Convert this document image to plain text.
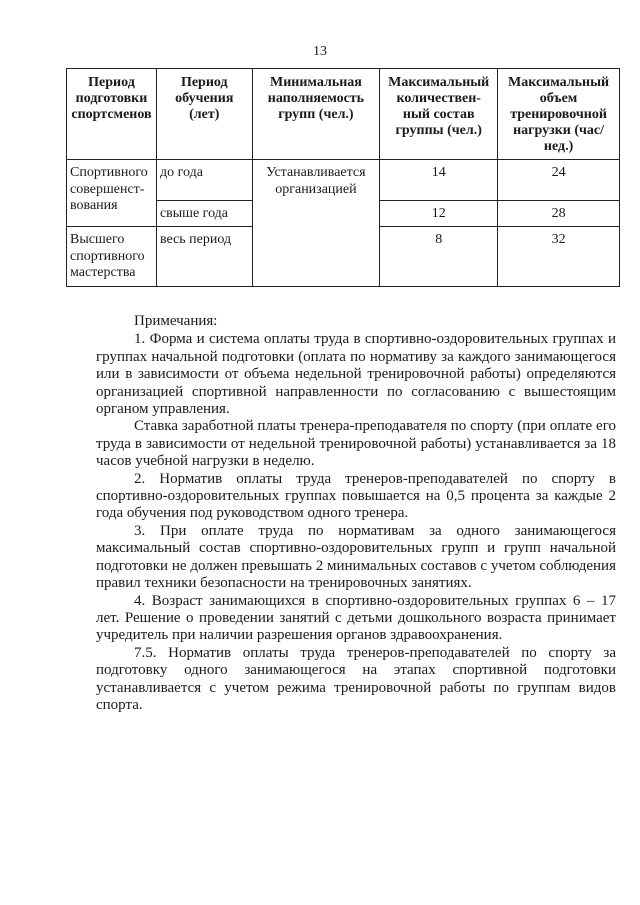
13
Период подготовки спортсменов	Период обучения (лет)	Минимальная наполняемость групп (чел.)	Максимальный количествен-ный состав группы (чел.)	Максимальный объем тренировочной нагрузки (час/нед.)
Спортивного совершенст-вования	до года	Устанавливается организацией	14	24
	свыше года		12	28
Высшего спортивного мастерства	весь период		8	32

Примечания:

1. Форма и система оплаты труда в спортивно-оздоровительных группах и группах начальной подготовки (оплата по нормативу за каждого занимающегося или в зависимости от объема недельной тренировочной работы) определяются организацией спортивной направленности по согласованию с вышестоящим органом управления.

Ставка заработной платы тренера-преподавателя по спорту (при оплате его труда в зависимости от недельной тренировочной работы) устанавливается за 18 часов учебной нагрузки в неделю.

2. Норматив оплаты труда тренеров-преподавателей по спорту в спортивно-оздоровительных группах повышается на 0,5 процента за каждые 2 года обучения под руководством одного тренера.

3. При оплате труда по нормативам за одного занимающегося максимальный состав спортивно-оздоровительных групп и групп начальной подготовки не должен превышать 2 минимальных составов с учетом соблюдения правил техники безопасности на тренировочных занятиях.

4. Возраст занимающихся в спортивно-оздоровительных группах 6 – 17 лет. Решение о проведении занятий с детьми дошкольного возраста принимает учредитель при наличии разрешения органов здравоохранения.

7.5. Норматив оплаты труда тренеров-преподавателей по спорту за подготовку одного занимающегося на этапах спортивной подготовки устанавливается с учетом режима тренировочной работы по группам видов спорта.
